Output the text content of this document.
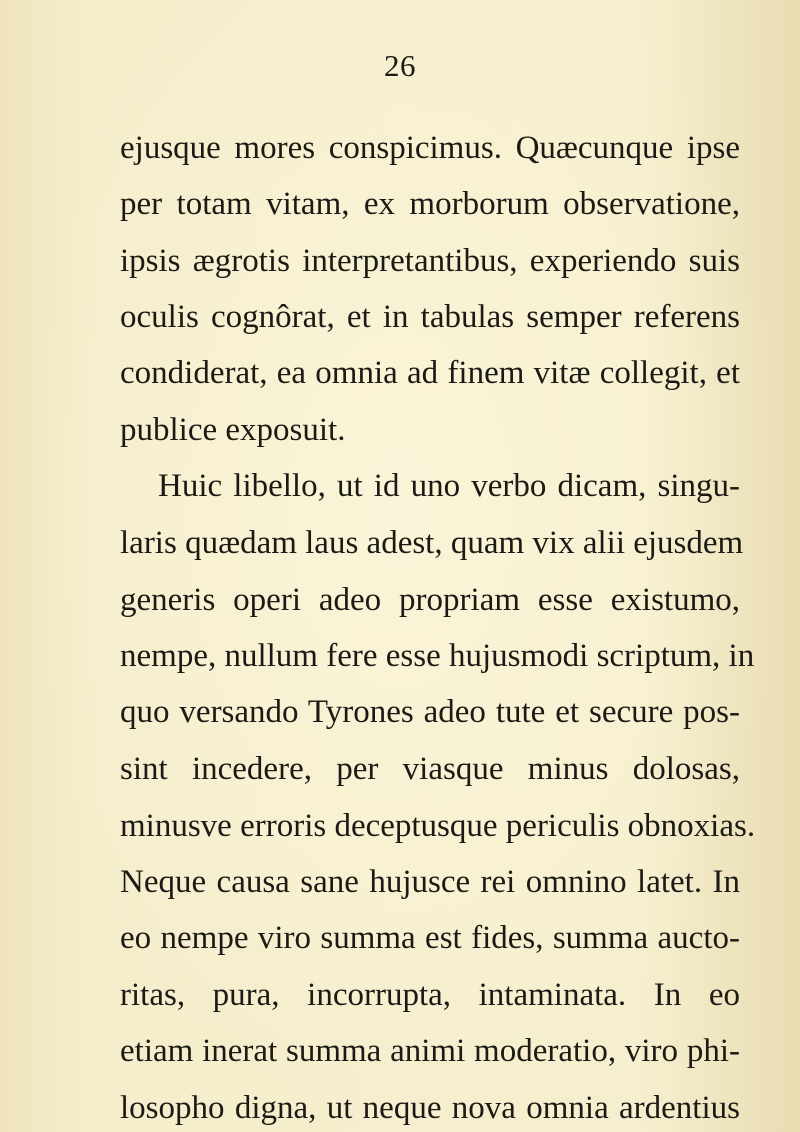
26
ejusque mores conspicimus. Quæcunque ipse
per totam vitam, ex morborum observatione,
ipsis ægrotis interpretantibus, experiendo suis
oculis cognôrat, et in tabulas semper referens
condiderat, ea omnia ad finem vitæ collegit, et
publice exposuit.
Huic libello, ut id uno verbo dicam, singu-
laris quædam laus adest, quam vix alii ejusdem
generis operi adeo propriam esse existumo,
nempe, nullum fere esse hujusmodi scriptum, in
quo versando Tyrones adeo tute et secure pos-
sint incedere, per viasque minus dolosas,
minusve erroris deceptusque periculis obnoxias.
Neque causa sane hujusce rei omnino latet. In
eo nempe viro summa est fides, summa aucto-
ritas, pura, incorrupta, intaminata. In eo
etiam inerat summa animi moderatio, viro phi-
losopho digna, ut neque nova omnia ardentius
